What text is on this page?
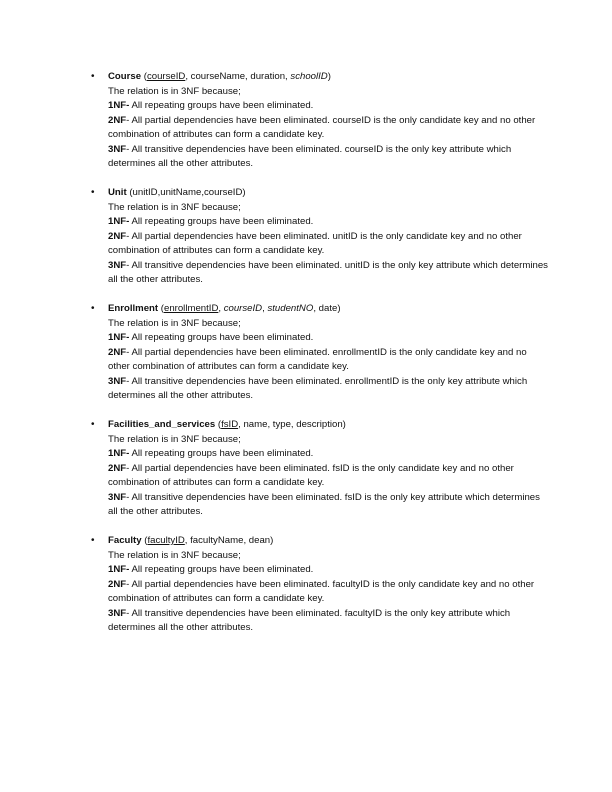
• Course (courseID, courseName, duration, schoolID)

The relation is in 3NF because;

1NF- All repeating groups have been eliminated.

2NF- All partial dependencies have been eliminated. courseID is the only candidate key and no other combination of attributes can form a candidate key.

3NF- All transitive dependencies have been eliminated. courseID is the only key attribute which determines all the other attributes.

• Unit (unitID,unitName,courseID)

The relation is in 3NF because;

1NF- All repeating groups have been eliminated.

2NF- All partial dependencies have been eliminated. unitID is the only candidate key and no other combination of attributes can form a candidate key.

3NF- All transitive dependencies have been eliminated. unitID is the only key attribute which determines all the other attributes.

• Enrollment (enrollmentID, courseID, studentNO, date)

The relation is in 3NF because;

1NF- All repeating groups have been eliminated.

2NF- All partial dependencies have been eliminated. enrollmentID is the only candidate key and no other combination of attributes can form a candidate key.

3NF- All transitive dependencies have been eliminated. enrollmentID is the only key attribute which determines all the other attributes.

• Facilities_and_services (fsID, name, type, description)

The relation is in 3NF because;

1NF- All repeating groups have been eliminated.

2NF- All partial dependencies have been eliminated. fsID is the only candidate key and no other combination of attributes can form a candidate key.

3NF- All transitive dependencies have been eliminated. fsID is the only key attribute which determines all the other attributes.

• Faculty (facultyID, facultyName, dean)

The relation is in 3NF because;

1NF- All repeating groups have been eliminated.

2NF- All partial dependencies have been eliminated. facultyID is the only candidate key and no other combination of attributes can form a candidate key.

3NF- All transitive dependencies have been eliminated. facultyID is the only key attribute which determines all the other attributes.
